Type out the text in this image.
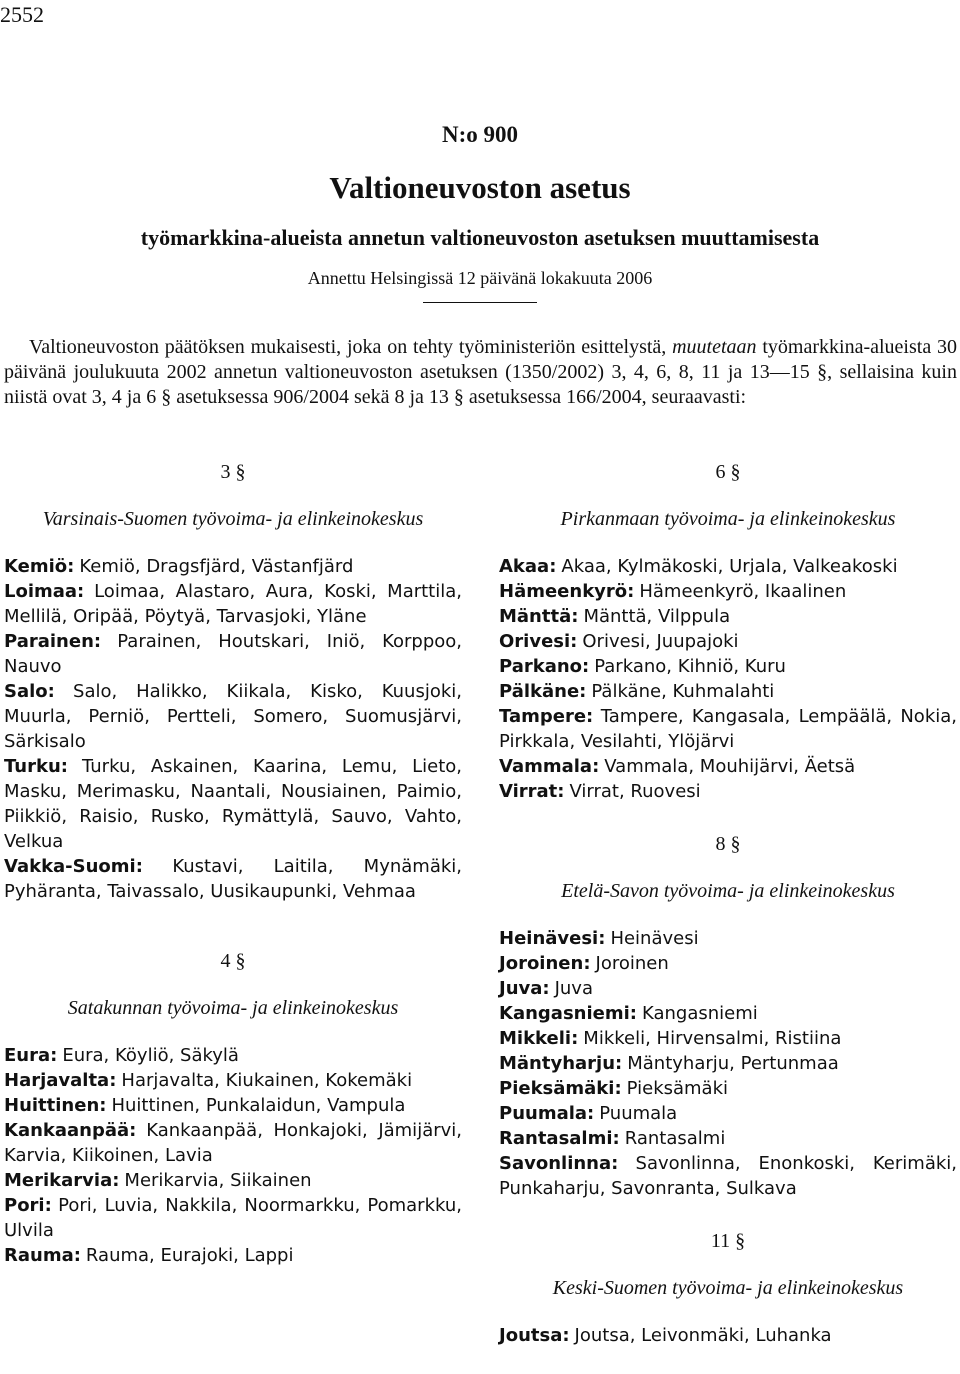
2552
N:o 900
Valtioneuvoston asetus
työmarkkina-alueista annetun valtioneuvoston asetuksen muuttamisesta
Annettu Helsingissä 12 päivänä lokakuuta 2006
Valtioneuvoston päätöksen mukaisesti, joka on tehty työministeriön esittelystä, muutetaan työmarkkina-alueista 30 päivänä joulukuuta 2002 annetun valtioneuvoston asetuksen (1350/2002) 3, 4, 6, 8, 11 ja 13—15 §, sellaisina kuin niistä ovat 3, 4 ja 6 § asetuksessa 906/2004 sekä 8 ja 13 § asetuksessa 166/2004, seuraavasti:
3 §
Varsinais-Suomen työvoima- ja elinkeinokeskus
Kemiö: Kemiö, Dragsfjärd, Västanfjärd
Loimaa: Loimaa, Alastaro, Aura, Koski, Marttila, Mellilä, Oripää, Pöytyä, Tarvasjoki, Yläne
Parainen: Parainen, Houtskari, Iniö, Korppoo, Nauvo
Salo: Salo, Halikko, Kiikala, Kisko, Kuusjoki, Muurla, Perniö, Pertteli, Somero, Suomusjärvi, Särkisalo
Turku: Turku, Askainen, Kaarina, Lemu, Lieto, Masku, Merimasku, Naantali, Nousiainen, Paimio, Piikkiö, Raisio, Rusko, Rymättylä, Sauvo, Vahto, Velkua
Vakka-Suomi: Kustavi, Laitila, Mynämäki, Pyhäranta, Taivassalo, Uusikaupunki, Vehmaa
4 §
Satakunnan työvoima- ja elinkeinokeskus
Eura: Eura, Köyliö, Säkylä
Harjavalta: Harjavalta, Kiukainen, Kokemäki
Huittinen: Huittinen, Punkalaidun, Vampula
Kankaanpää: Kankaanpää, Honkajoki, Jämijärvi, Karvia, Kiikoinen, Lavia
Merikarvia: Merikarvia, Siikainen
Pori: Pori, Luvia, Nakkila, Noormarkku, Pomarkku, Ulvila
Rauma: Rauma, Eurajoki, Lappi
6 §
Pirkanmaan työvoima- ja elinkeinokeskus
Akaa: Akaa, Kylmäkoski, Urjala, Valkeakoski
Hämeenkyrö: Hämeenkyrö, Ikaalinen
Mänttä: Mänttä, Vilppula
Orivesi: Orivesi, Juupajoki
Parkano: Parkano, Kihniö, Kuru
Pälkäne: Pälkäne, Kuhmalahti
Tampere: Tampere, Kangasala, Lempäälä, Nokia, Pirkkala, Vesilahti, Ylöjärvi
Vammala: Vammala, Mouhijärvi, Äetsä
Virrat: Virrat, Ruovesi
8 §
Etelä-Savon työvoima- ja elinkeinokeskus
Heinävesi: Heinävesi
Joroinen: Joroinen
Juva: Juva
Kangasniemi: Kangasniemi
Mikkeli: Mikkeli, Hirvensalmi, Ristiina
Mäntyharju: Mäntyharju, Pertunmaa
Pieksämäki: Pieksämäki
Puumala: Puumala
Rantasalmi: Rantasalmi
Savonlinna: Savonlinna, Enonkoski, Kerimäki, Punkaharju, Savonranta, Sulkava
11 §
Keski-Suomen työvoima- ja elinkeinokeskus
Joutsa: Joutsa, Leivonmäki, Luhanka
